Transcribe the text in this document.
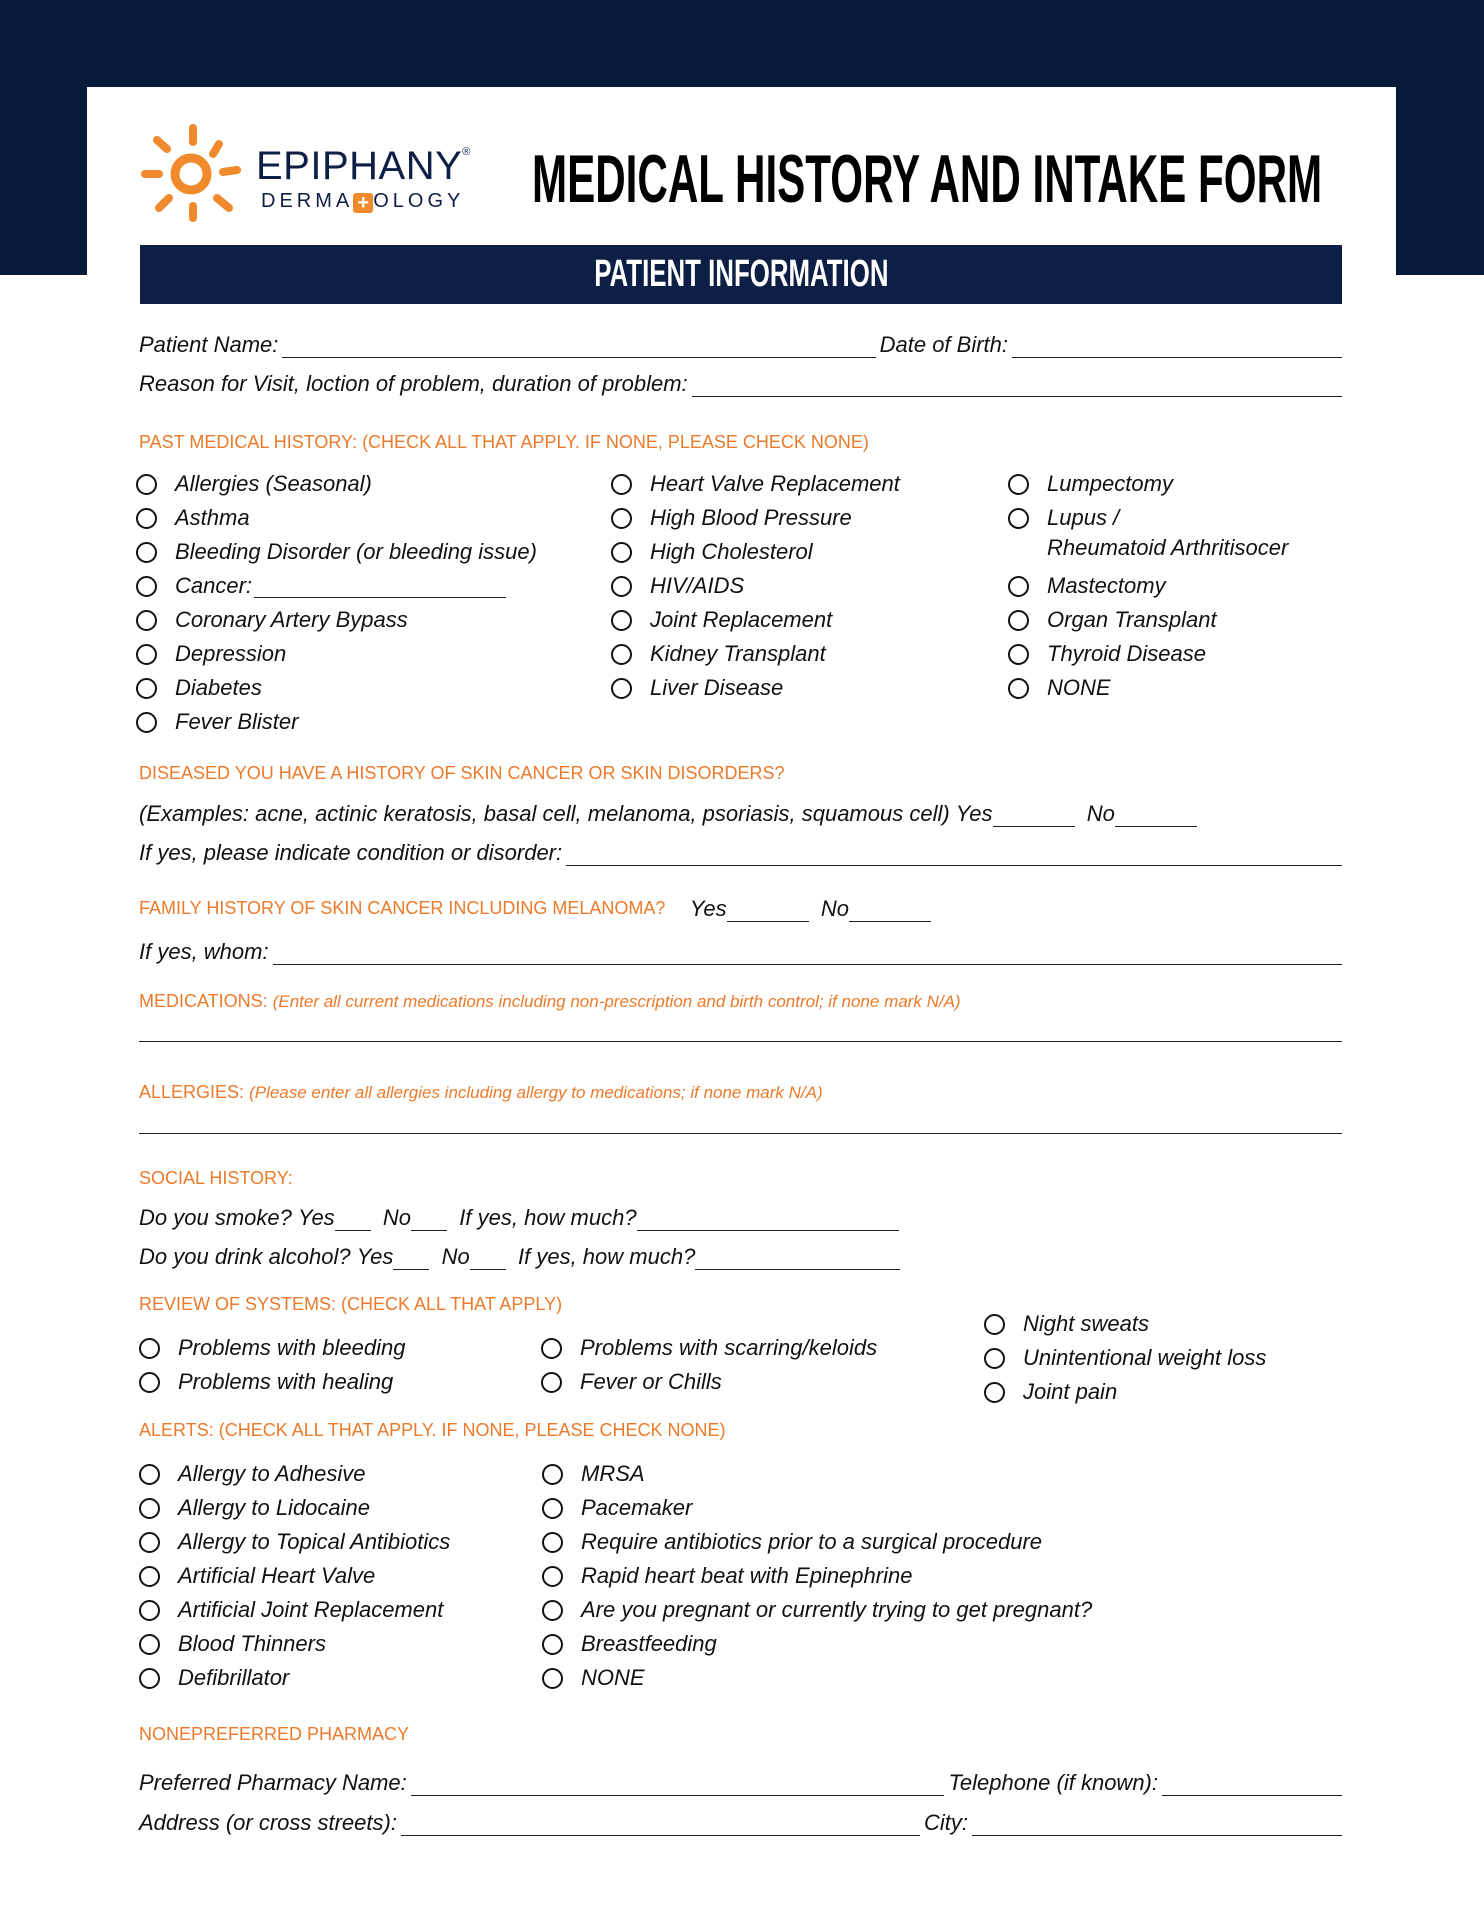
EPIPHANY®
DERMA + OLOGY MEDICAL HISTORY AND INTAKE FORM
PATIENT INFORMATION
Patient Name:	Date of Birth:
Reason for Visit, loction of problem, duration of problem:
PAST MEDICAL HISTORY: (CHECK ALL THAT APPLY. IF NONE, PLEASE CHECK NONE)
Allergies (Seasonal)
Asthma
Bleeding Disorder (or bleeding issue)
Cancer:
Coronary Artery Bypass
Depression
Diabetes
Fever Blister
Heart Valve Replacement
High Blood Pressure
High Cholesterol
HIV/AIDS
Joint Replacement
Kidney Transplant
Liver Disease
Lumpectomy
Lupus /
Mastectomy
Organ Transplant
Thyroid Disease
NONE
Rheumatoid Arthritisocer
DISEASED YOU HAVE A HISTORY OF SKIN CANCER OR SKIN DISORDERS?
(Examples: acne, actinic keratosis, basal cell, melanoma, psoriasis, squamous cell)
Yes
	No
If yes, please indicate condition or disorder:
FAMILY HISTORY OF SKIN CANCER INCLUDING MELANOMA?
Yes
	No
If yes, whom:
MEDICATIONS: (Enter all current medications including non-prescription and birth control; if none mark N/A)
ALLERGIES: (Please enter all allergies including allergy to medications; if none mark N/A)
SOCIAL HISTORY:
Do you smoke?
Yes
No
If yes, how much?
Do you drink alcohol?
Yes
No
If yes, how much?
REVIEW OF SYSTEMS: (CHECK ALL THAT APPLY)
Problems with bleeding
Problems with healing
Problems with scarring/keloids
Fever or Chills
Night sweats
Unintentional weight loss
Joint pain
ALERTS: (CHECK ALL THAT APPLY. IF NONE, PLEASE CHECK NONE)
Allergy to Adhesive
Allergy to Lidocaine
Allergy to Topical Antibiotics
Artificial Heart Valve
Artificial Joint Replacement
Blood Thinners
Defibrillator
MRSA
Pacemaker
Require antibiotics prior to a surgical procedure
Rapid heart beat with Epinephrine
Are you pregnant or currently trying to get pregnant?
Breastfeeding
NONE
NONEPREFERRED PHARMACY
Preferred Pharmacy Name:	Telephone (if known):
Address (or cross streets):	City:
